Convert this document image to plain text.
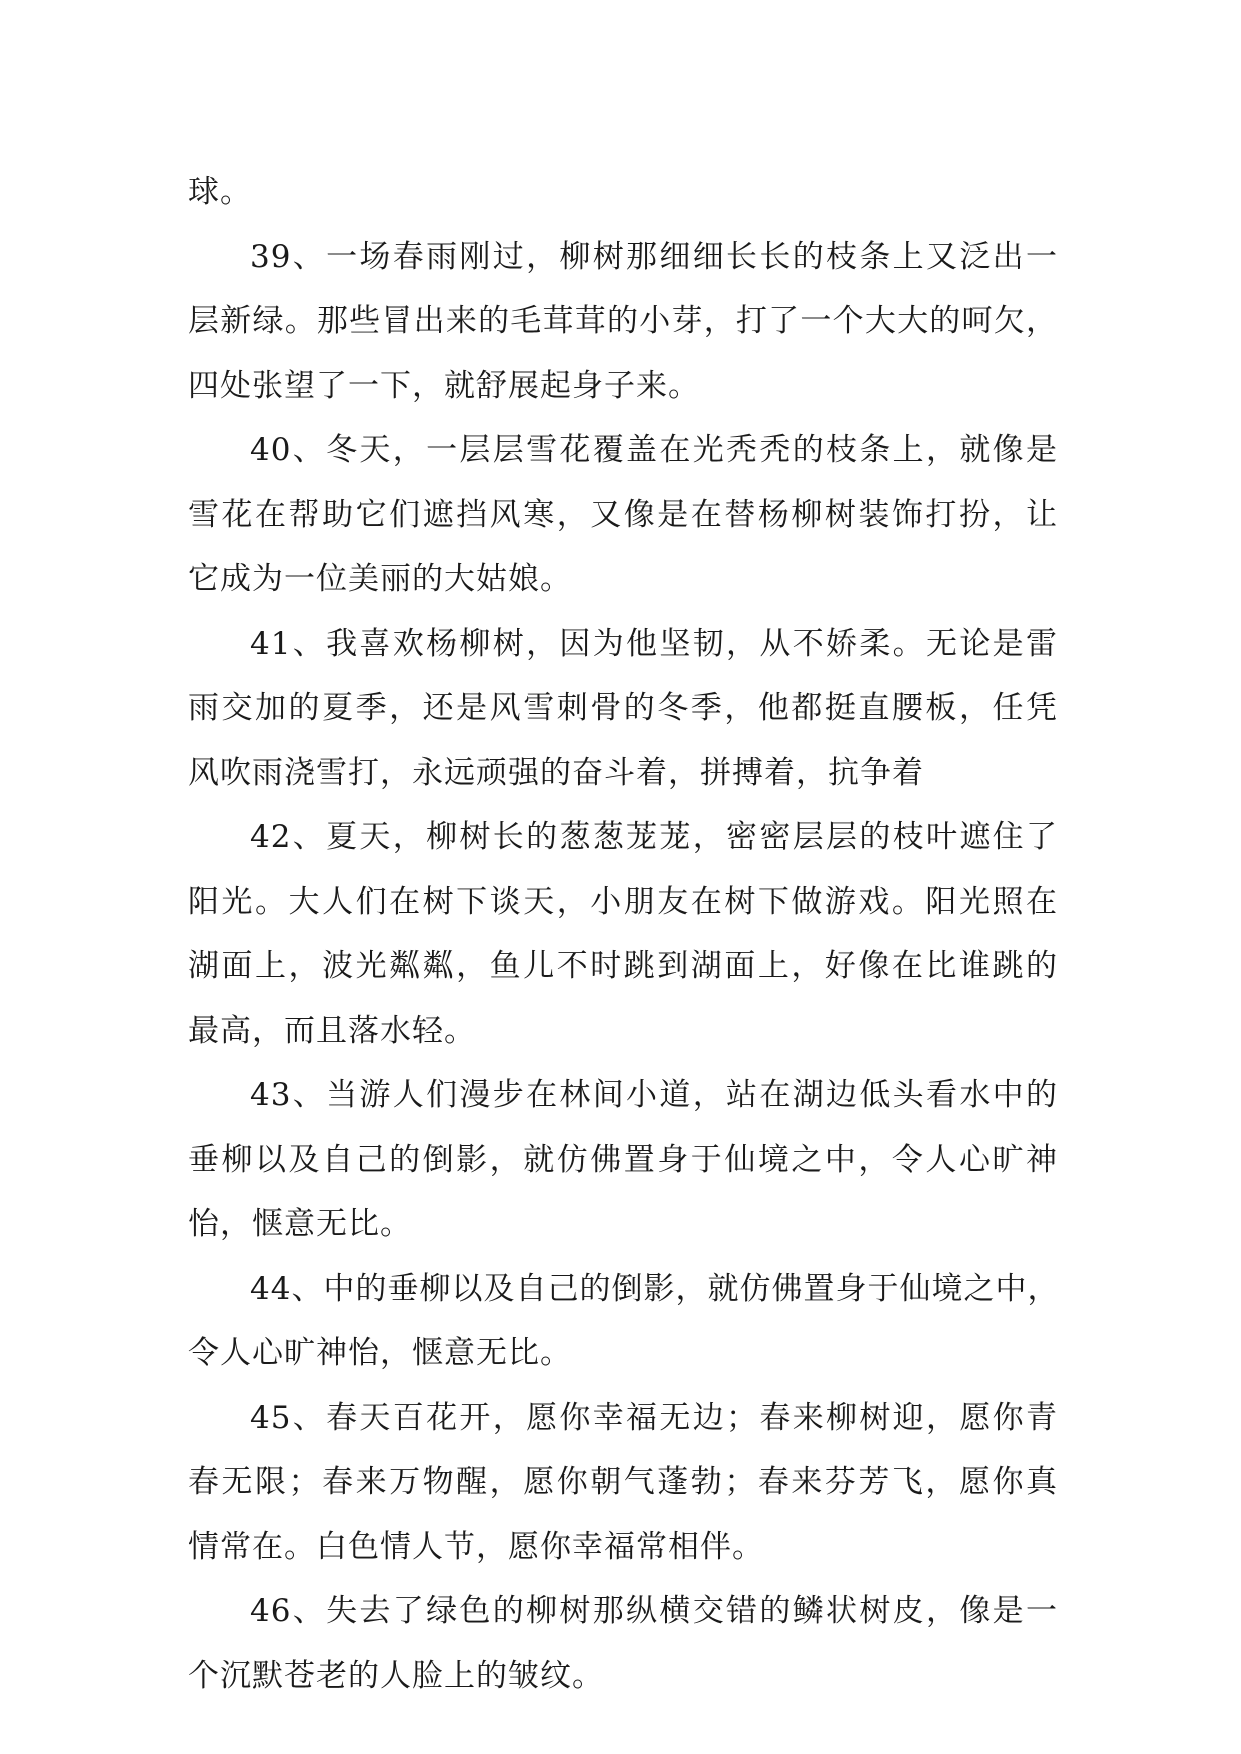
球。

39、一场春雨刚过，柳树那细细长长的枝条上又泛出一
层新绿。那些冒出来的毛茸茸的小芽，打了一个大大的呵欠，
四处张望了一下，就舒展起身子来。

40、冬天，一层层雪花覆盖在光秃秃的枝条上，就像是
雪花在帮助它们遮挡风寒，又像是在替杨柳树装饰打扮，让
它成为一位美丽的大姑娘。

41、我喜欢杨柳树，因为他坚韧，从不娇柔。无论是雷
雨交加的夏季，还是风雪刺骨的冬季，他都挺直腰板，任凭
风吹雨浇雪打，永远顽强的奋斗着，拼搏着，抗争着

42、夏天，柳树长的葱葱茏茏，密密层层的枝叶遮住了
阳光。大人们在树下谈天，小朋友在树下做游戏。阳光照在
湖面上，波光粼粼，鱼儿不时跳到湖面上，好像在比谁跳的
最高，而且落水轻。

43、当游人们漫步在林间小道，站在湖边低头看水中的
垂柳以及自己的倒影，就仿佛置身于仙境之中，令人心旷神
怡，惬意无比。

44、中的垂柳以及自己的倒影，就仿佛置身于仙境之中，
令人心旷神怡，惬意无比。

45、春天百花开，愿你幸福无边；春来柳树迎，愿你青
春无限；春来万物醒，愿你朝气蓬勃；春来芬芳飞，愿你真
情常在。白色情人节，愿你幸福常相伴。

46、失去了绿色的柳树那纵横交错的鳞状树皮，像是一
个沉默苍老的人脸上的皱纹。
